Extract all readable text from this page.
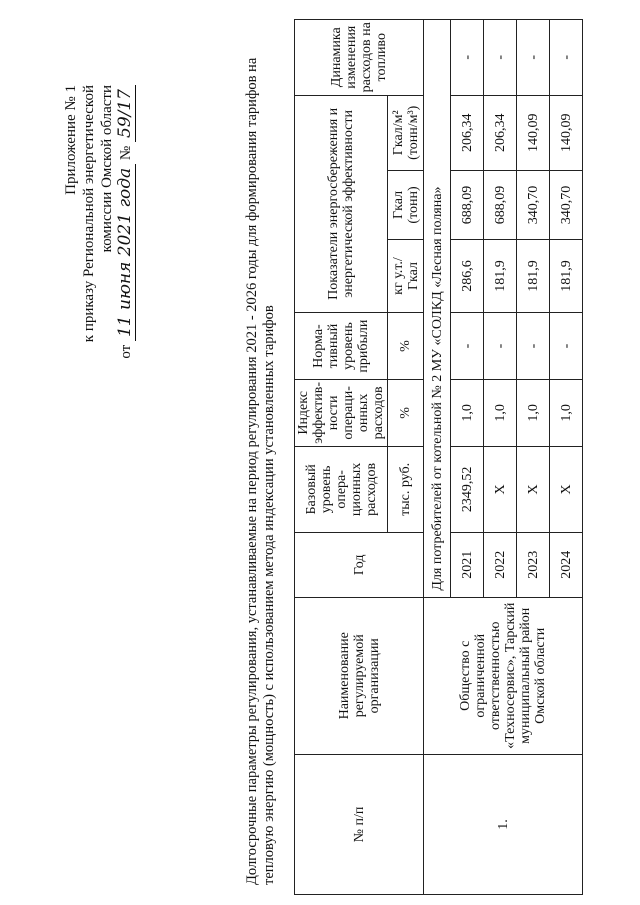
Приложение № 1 к приказу Региональной энергетической комиссии Омской области
от 11 июня 2021 года № 59/17	Долгосрочные параметры регулирования, устанавливаемые на период регулирования 2021 - 2026 годы для формирования тарифов на тепловую энергию (мощность) с использованием метода индексации установленных тарифов	№ п/п	Наименование регулируемой организации	Год	Базовый уровень опера-ционных расходов	Индекс эффектив-ности операци-онных расходов	Норма-тивный уровень прибыли	Показатели энергосбережения и энергетической эффективности			Динамика изменения расходов на топливо
			тыс. руб.	%	%	кг у.т./ Гкал	Гкал (тонн)	Гкал/м² (тонн/м³)	
1.	Общество с ограниченной ответственностью «Техносервис», Тарский муниципальный район Омской области	Для потребителей от котельной № 2 МУ «СОЛКД «Лесная поляна»							
		2021	2349,52	1,0	-	286,6	688,09	206,34	-
		2022	Х	1,0	-	181,9	688,09	206,34	-
		2023	Х	1,0	-	181,9	340,70	140,09	-
		2024	Х	1,0	-	181,9	340,70	140,09	-
